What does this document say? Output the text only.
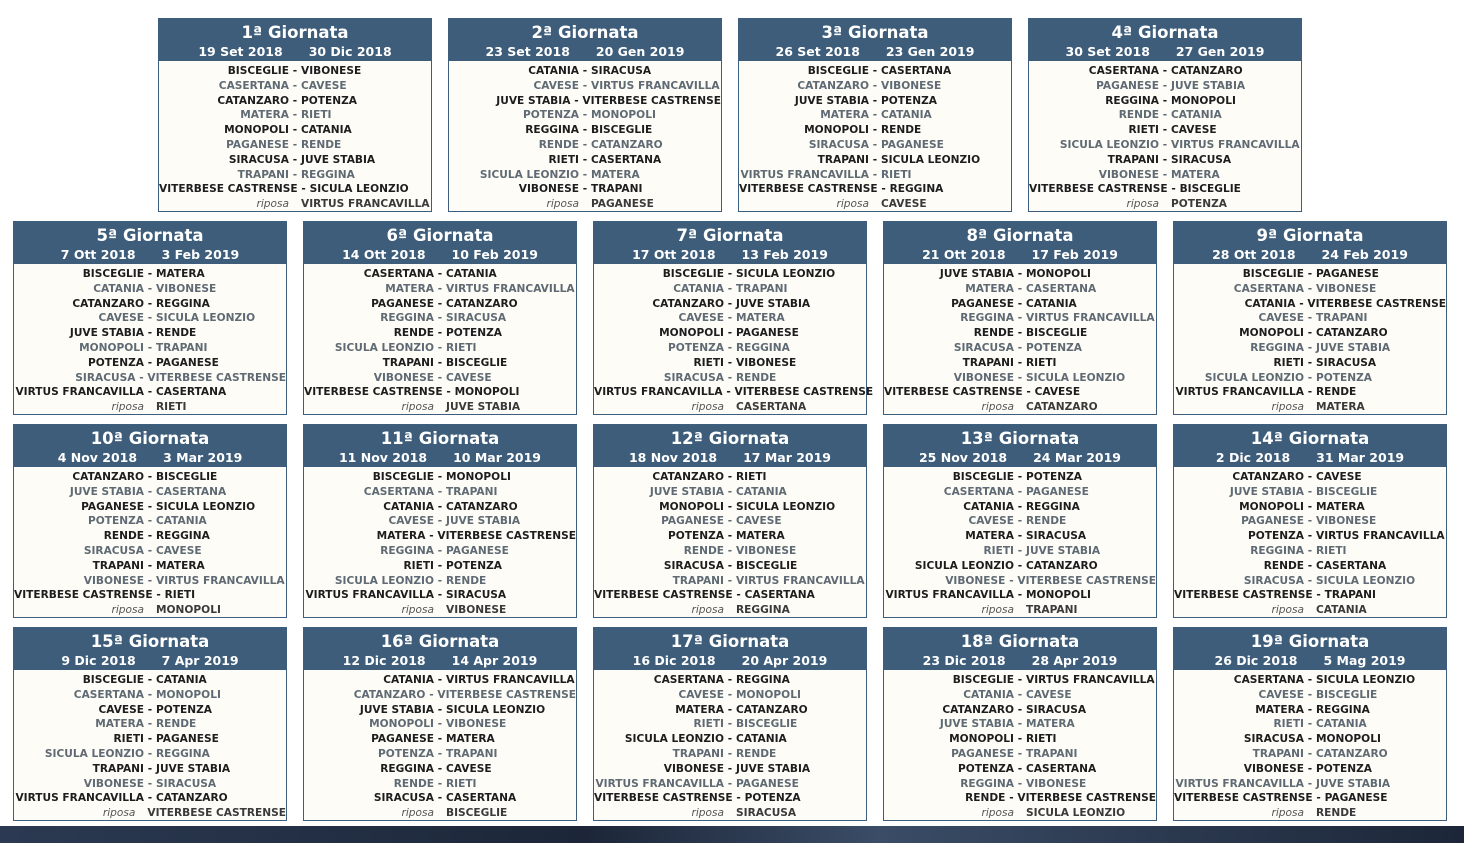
1ª Giornata
19 Set 2018 30 Dic 2018
BISCEGLIE - VIBONESE
CASERTANA - CAVESE
CATANZARO - POTENZA
MATERA - RIETI
MONOPOLI - CATANIA
PAGANESE - RENDE
SIRACUSA - JUVE STABIA
TRAPANI - REGGINA
VITERBESE CASTRENSE - SICULA LEONZIO
riposa VIRTUS FRANCAVILLA
2ª Giornata
23 Set 2018 20 Gen 2019
CATANIA - SIRACUSA
CAVESE - VIRTUS FRANCAVILLA
JUVE STABIA - VITERBESE CASTRENSE
POTENZA - MONOPOLI
REGGINA - BISCEGLIE
RENDE - CATANZARO
RIETI - CASERTANA
SICULA LEONZIO - MATERA
VIBONESE - TRAPANI
riposa PAGANESE
3ª Giornata
26 Set 2018 23 Gen 2019
BISCEGLIE - CASERTANA
CATANZARO - VIBONESE
JUVE STABIA - POTENZA
MATERA - CATANIA
MONOPOLI - RENDE
SIRACUSA - PAGANESE
TRAPANI - SICULA LEONZIO
VIRTUS FRANCAVILLA - RIETI
VITERBESE CASTRENSE - REGGINA
riposa CAVESE
4ª Giornata
30 Set 2018 27 Gen 2019
CASERTANA - CATANZARO
PAGANESE - JUVE STABIA
REGGINA - MONOPOLI
RENDE - CATANIA
RIETI - CAVESE
SICULA LEONZIO - VIRTUS FRANCAVILLA
TRAPANI - SIRACUSA
VIBONESE - MATERA
VITERBESE CASTRENSE - BISCEGLIE
riposa POTENZA
5ª Giornata
7 Ott 2018 3 Feb 2019
BISCEGLIE - MATERA
CATANIA - VIBONESE
CATANZARO - REGGINA
CAVESE - SICULA LEONZIO
JUVE STABIA - RENDE
MONOPOLI - TRAPANI
POTENZA - PAGANESE
SIRACUSA - VITERBESE CASTRENSE
VIRTUS FRANCAVILLA - CASERTANA
riposa RIETI
6ª Giornata
14 Ott 2018 10 Feb 2019
CASERTANA - CATANIA
MATERA - VIRTUS FRANCAVILLA
PAGANESE - CATANZARO
REGGINA - SIRACUSA
RENDE - POTENZA
SICULA LEONZIO - RIETI
TRAPANI - BISCEGLIE
VIBONESE - CAVESE
VITERBESE CASTRENSE - MONOPOLI
riposa JUVE STABIA
7ª Giornata
17 Ott 2018 13 Feb 2019
BISCEGLIE - SICULA LEONZIO
CATANIA - TRAPANI
CATANZARO - JUVE STABIA
CAVESE - MATERA
MONOPOLI - PAGANESE
POTENZA - REGGINA
RIETI - VIBONESE
SIRACUSA - RENDE
VIRTUS FRANCAVILLA - VITERBESE CASTRENSE
riposa CASERTANA
8ª Giornata
21 Ott 2018 17 Feb 2019
JUVE STABIA - MONOPOLI
MATERA - CASERTANA
PAGANESE - CATANIA
REGGINA - VIRTUS FRANCAVILLA
RENDE - BISCEGLIE
SIRACUSA - POTENZA
TRAPANI - RIETI
VIBONESE - SICULA LEONZIO
VITERBESE CASTRENSE - CAVESE
riposa CATANZARO
9ª Giornata
28 Ott 2018 24 Feb 2019
BISCEGLIE - PAGANESE
CASERTANA - VIBONESE
CATANIA - VITERBESE CASTRENSE
CAVESE - TRAPANI
MONOPOLI - CATANZARO
REGGINA - JUVE STABIA
RIETI - SIRACUSA
SICULA LEONZIO - POTENZA
VIRTUS FRANCAVILLA - RENDE
riposa MATERA
10ª Giornata
4 Nov 2018 3 Mar 2019
CATANZARO - BISCEGLIE
JUVE STABIA - CASERTANA
PAGANESE - SICULA LEONZIO
POTENZA - CATANIA
RENDE - REGGINA
SIRACUSA - CAVESE
TRAPANI - MATERA
VIBONESE - VIRTUS FRANCAVILLA
VITERBESE CASTRENSE - RIETI
riposa MONOPOLI
11ª Giornata
11 Nov 2018 10 Mar 2019
BISCEGLIE - MONOPOLI
CASERTANA - TRAPANI
CATANIA - CATANZARO
CAVESE - JUVE STABIA
MATERA - VITERBESE CASTRENSE
REGGINA - PAGANESE
RIETI - POTENZA
SICULA LEONZIO - RENDE
VIRTUS FRANCAVILLA - SIRACUSA
riposa VIBONESE
12ª Giornata
18 Nov 2018 17 Mar 2019
CATANZARO - RIETI
JUVE STABIA - CATANIA
MONOPOLI - SICULA LEONZIO
PAGANESE - CAVESE
POTENZA - MATERA
RENDE - VIBONESE
SIRACUSA - BISCEGLIE
TRAPANI - VIRTUS FRANCAVILLA
VITERBESE CASTRENSE - CASERTANA
riposa REGGINA
13ª Giornata
25 Nov 2018 24 Mar 2019
BISCEGLIE - POTENZA
CASERTANA - PAGANESE
CATANIA - REGGINA
CAVESE - RENDE
MATERA - SIRACUSA
RIETI - JUVE STABIA
SICULA LEONZIO - CATANZARO
VIBONESE - VITERBESE CASTRENSE
VIRTUS FRANCAVILLA - MONOPOLI
riposa TRAPANI
14ª Giornata
2 Dic 2018 31 Mar 2019
CATANZARO - CAVESE
JUVE STABIA - BISCEGLIE
MONOPOLI - MATERA
PAGANESE - VIBONESE
POTENZA - VIRTUS FRANCAVILLA
REGGINA - RIETI
RENDE - CASERTANA
SIRACUSA - SICULA LEONZIO
VITERBESE CASTRENSE - TRAPANI
riposa CATANIA
15ª Giornata
9 Dic 2018 7 Apr 2019
BISCEGLIE - CATANIA
CASERTANA - MONOPOLI
CAVESE - POTENZA
MATERA - RENDE
RIETI - PAGANESE
SICULA LEONZIO - REGGINA
TRAPANI - JUVE STABIA
VIBONESE - SIRACUSA
VIRTUS FRANCAVILLA - CATANZARO
riposa VITERBESE CASTRENSE
16ª Giornata
12 Dic 2018 14 Apr 2019
CATANIA - VIRTUS FRANCAVILLA
CATANZARO - VITERBESE CASTRENSE
JUVE STABIA - SICULA LEONZIO
MONOPOLI - VIBONESE
PAGANESE - MATERA
POTENZA - TRAPANI
REGGINA - CAVESE
RENDE - RIETI
SIRACUSA - CASERTANA
riposa BISCEGLIE
17ª Giornata
16 Dic 2018 20 Apr 2019
CASERTANA - REGGINA
CAVESE - MONOPOLI
MATERA - CATANZARO
RIETI - BISCEGLIE
SICULA LEONZIO - CATANIA
TRAPANI - RENDE
VIBONESE - JUVE STABIA
VIRTUS FRANCAVILLA - PAGANESE
VITERBESE CASTRENSE - POTENZA
riposa SIRACUSA
18ª Giornata
23 Dic 2018 28 Apr 2019
BISCEGLIE - VIRTUS FRANCAVILLA
CATANIA - CAVESE
CATANZARO - SIRACUSA
JUVE STABIA - MATERA
MONOPOLI - RIETI
PAGANESE - TRAPANI
POTENZA - CASERTANA
REGGINA - VIBONESE
RENDE - VITERBESE CASTRENSE
riposa SICULA LEONZIO
19ª Giornata
26 Dic 2018 5 Mag 2019
CASERTANA - SICULA LEONZIO
CAVESE - BISCEGLIE
MATERA - REGGINA
RIETI - CATANIA
SIRACUSA - MONOPOLI
TRAPANI - CATANZARO
VIBONESE - POTENZA
VIRTUS FRANCAVILLA - JUVE STABIA
VITERBESE CASTRENSE - PAGANESE
riposa RENDE
